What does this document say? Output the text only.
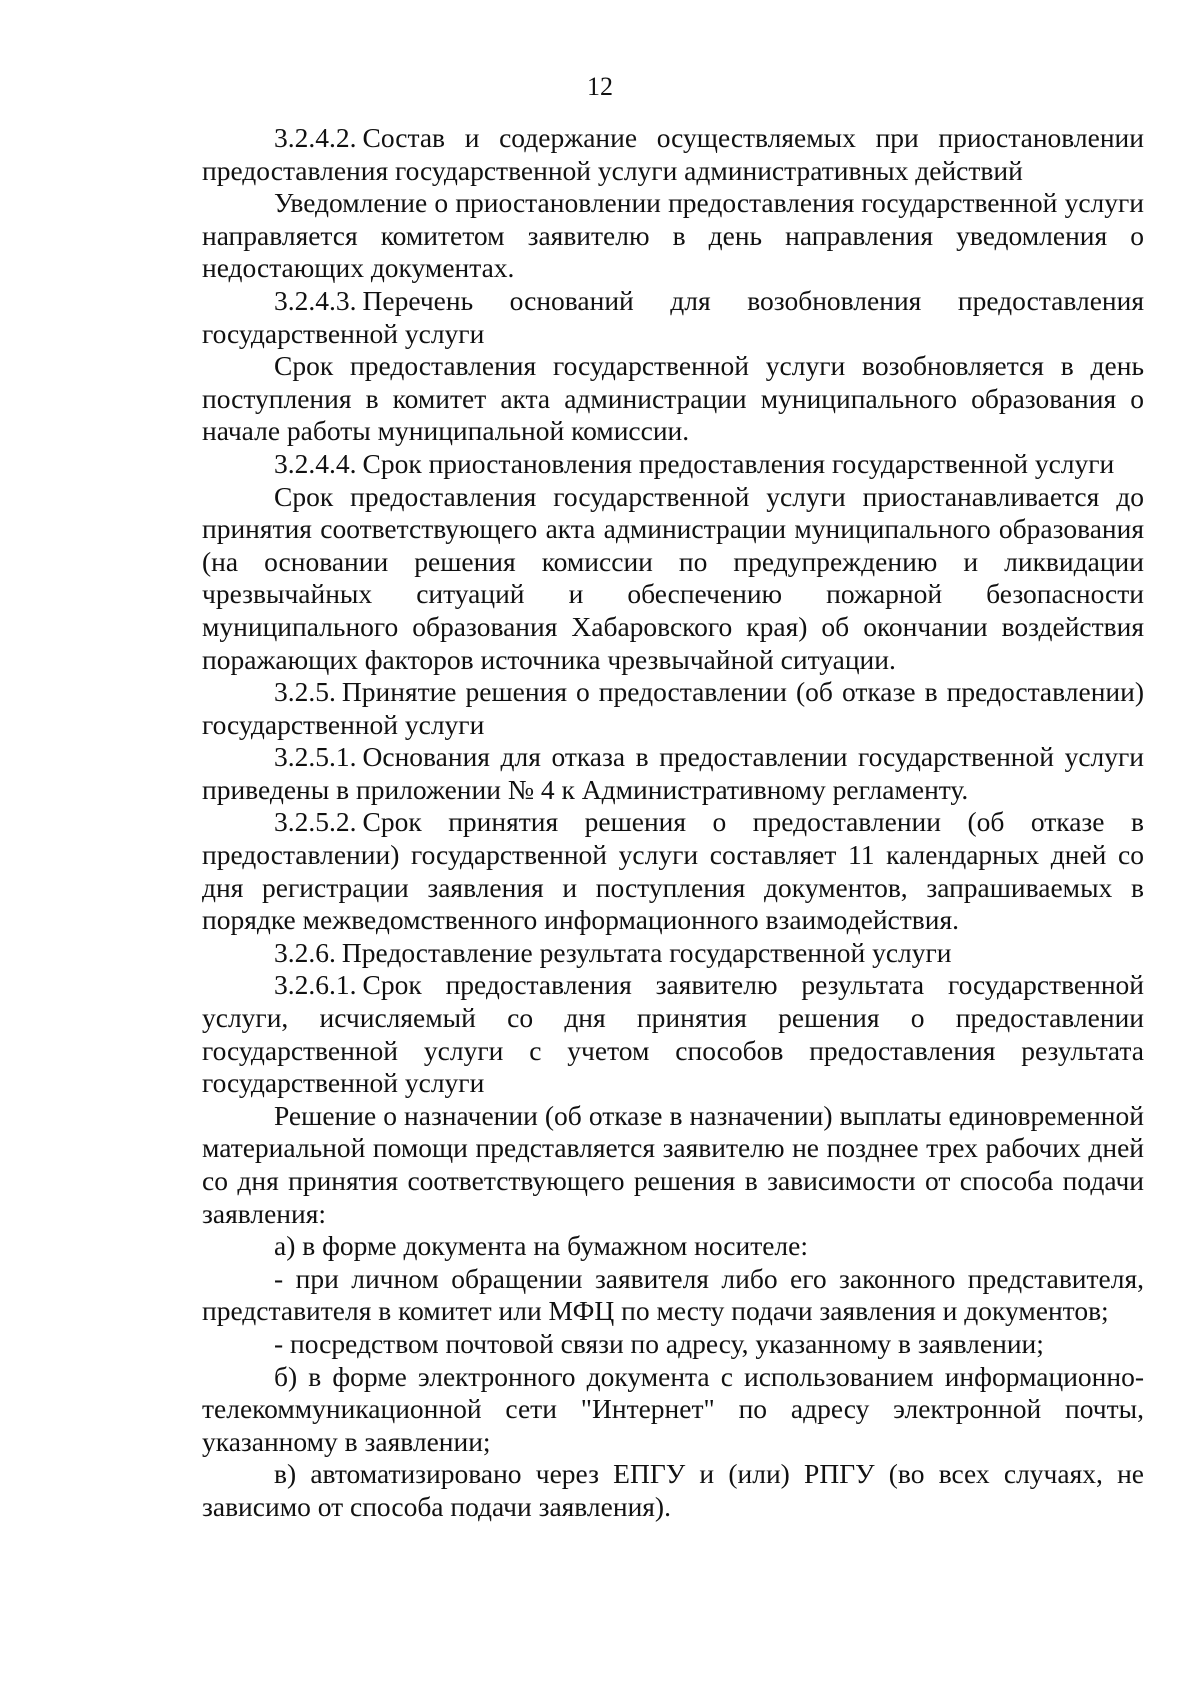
12

3.2.4.2. Состав и содержание осуществляемых при приостановлении предоставления государственной услуги административных действий

Уведомление о приостановлении предоставления государственной услуги направляется комитетом заявителю в день направления уведомления о недостающих документах.

3.2.4.3. Перечень оснований для возобновления предоставления государственной услуги

Срок предоставления государственной услуги возобновляется в день поступления в комитет акта администрации муниципального образования о начале работы муниципальной комиссии.

3.2.4.4. Срок приостановления предоставления государственной услуги

Срок предоставления государственной услуги приостанавливается до принятия соответствующего акта администрации муниципального образования (на основании решения комиссии по предупреждению и ликвидации чрезвычайных ситуаций и обеспечению пожарной безопасности муниципального образования Хабаровского края) об окончании воздействия поражающих факторов источника чрезвычайной ситуации.

3.2.5. Принятие решения о предоставлении (об отказе в предоставлении) государственной услуги

3.2.5.1. Основания для отказа в предоставлении государственной услуги приведены в приложении № 4 к Административному регламенту.

3.2.5.2. Срок принятия решения о предоставлении (об отказе в предоставлении) государственной услуги составляет 11 календарных дней со дня регистрации заявления и поступления документов, запрашиваемых в порядке межведомственного информационного взаимодействия.

3.2.6. Предоставление результата государственной услуги

3.2.6.1. Срок предоставления заявителю результата государственной услуги, исчисляемый со дня принятия решения о предоставлении государственной услуги с учетом способов предоставления результата государственной услуги

Решение о назначении (об отказе в назначении) выплаты единовременной материальной помощи представляется заявителю не позднее трех рабочих дней со дня принятия соответствующего решения в зависимости от способа подачи заявления:

а) в форме документа на бумажном носителе:

- при личном обращении заявителя либо его законного представителя, представителя в комитет или МФЦ по месту подачи заявления и документов;

- посредством почтовой связи по адресу, указанному в заявлении;

б) в форме электронного документа с использованием информационно-телекоммуникационной сети "Интернет" по адресу электронной почты, указанному в заявлении;

в) автоматизировано через ЕПГУ и (или) РПГУ (во всех случаях, не зависимо от способа подачи заявления).
